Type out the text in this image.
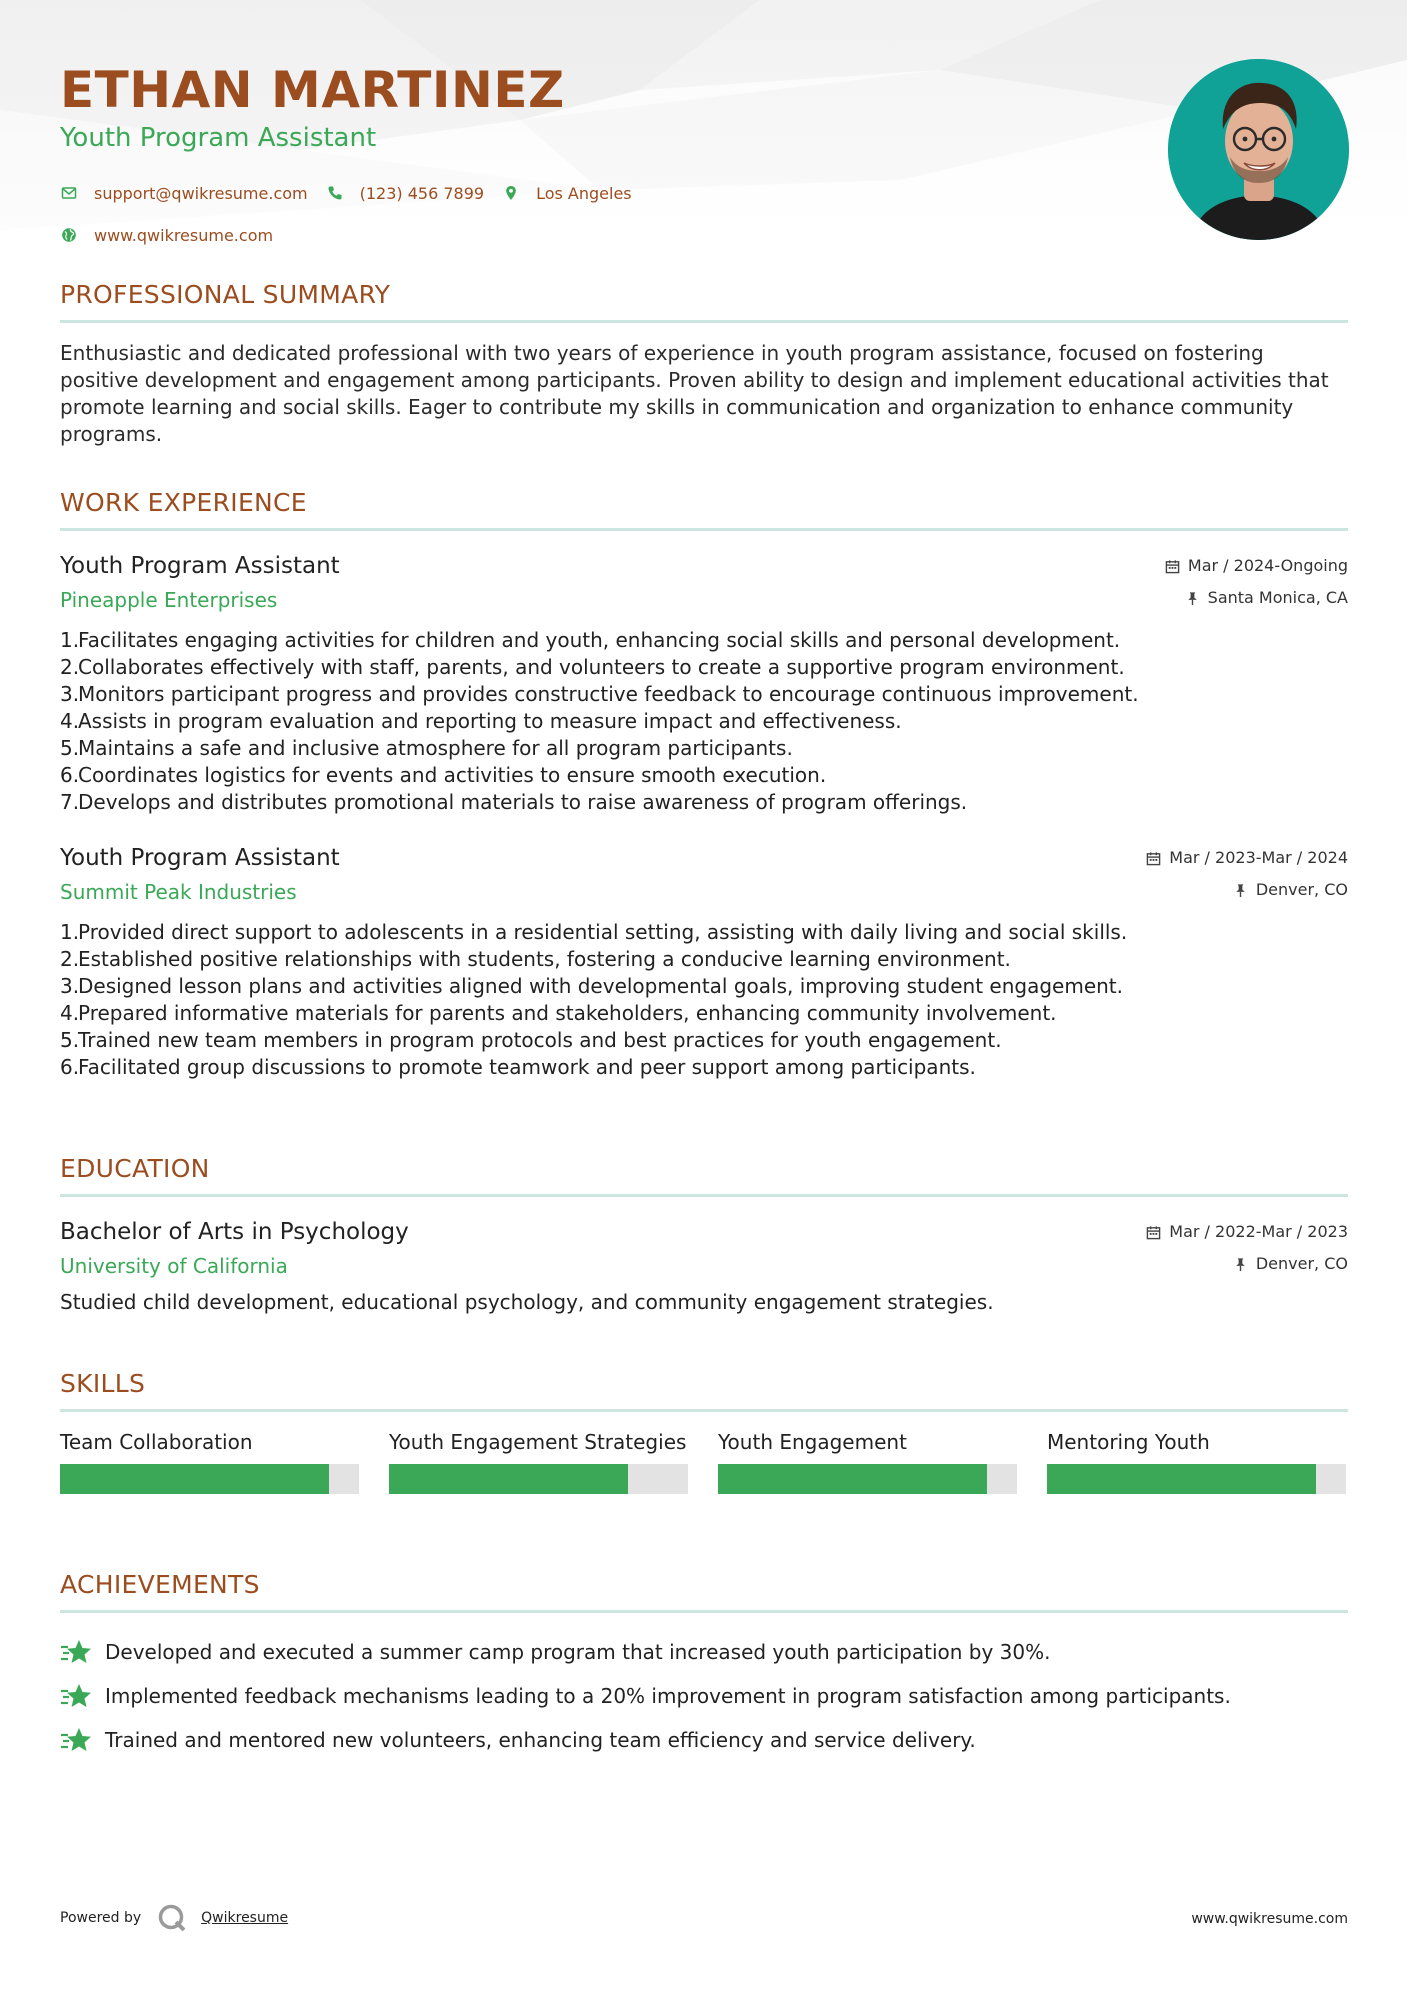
ETHAN MARTINEZ
Youth Program Assistant
support@qwikresume.com	(123) 456 7899	Los Angeles
www.qwikresume.com
PROFESSIONAL SUMMARY

Enthusiastic and dedicated professional with two years of experience in youth program assistance, focused on fostering positive development and engagement among participants. Proven ability to design and implement educational activities that promote learning and social skills. Eager to contribute my skills in communication and organization to enhance community programs.

WORK EXPERIENCE
Youth Program Assistant
Pineapple Enterprises
Mar / 2024-Ongoing
Santa Monica, CA
1.
Facilitates engaging activities for children and youth, enhancing social skills and personal development.
2.
Collaborates effectively with staff, parents, and volunteers to create a supportive program environment.
3.
Monitors participant progress and provides constructive feedback to encourage continuous improvement.
4.
Assists in program evaluation and reporting to measure impact and effectiveness.
5.
Maintains a safe and inclusive atmosphere for all program participants.
6.
Coordinates logistics for events and activities to ensure smooth execution.
7.
Develops and distributes promotional materials to raise awareness of program offerings.
Youth Program Assistant
Summit Peak Industries
Mar / 2023-Mar / 2024
Denver, CO
1.
Provided direct support to adolescents in a residential setting, assisting with daily living and social skills.
2.
Established positive relationships with students, fostering a conducive learning environment.
3.
Designed lesson plans and activities aligned with developmental goals, improving student engagement.
4.
Prepared informative materials for parents and stakeholders, enhancing community involvement.
5.
Trained new team members in program protocols and best practices for youth engagement.
6.
Facilitated group discussions to promote teamwork and peer support among participants.
EDUCATION
Bachelor of Arts in Psychology
University of California
Mar / 2022-Mar / 2023
Denver, CO

Studied child development, educational psychology, and community engagement strategies.

SKILLS
Team Collaboration	Youth Engagement Strategies Youth Engagement	Mentoring Youth
ACHIEVEMENTS
Developed and executed a summer camp program that increased youth participation by 30%.
Implemented feedback mechanisms leading to a 20% improvement in program satisfaction among participants.
Trained and mentored new volunteers, enhancing team efficiency and service delivery.
Powered by	Qwikresume	www.qwikresume.com
